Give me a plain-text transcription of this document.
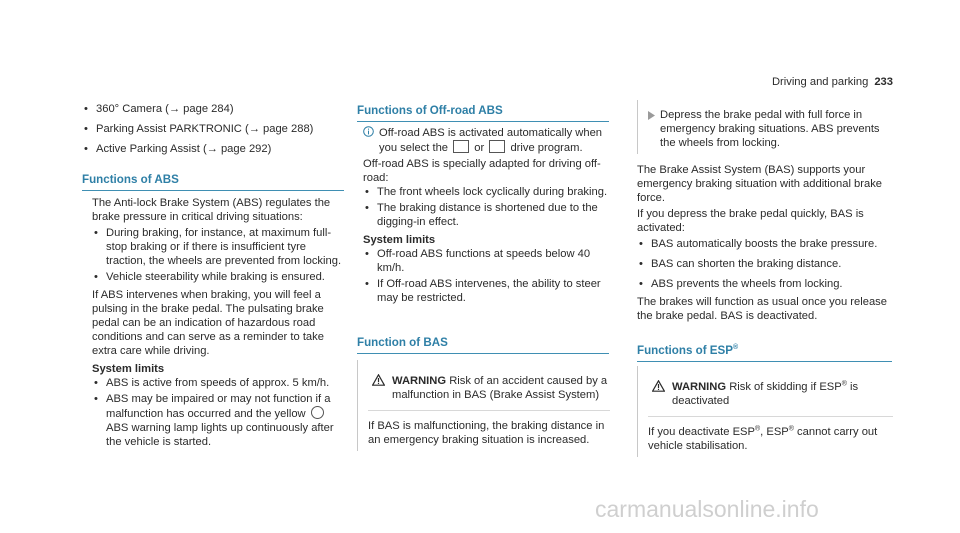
Driving and parking 233
• 360° Camera (→ page 284)
• Parking Assist PARKTRONIC (→ page 288)
• Active Parking Assist (→ page 292)
Functions of ABS

The Anti-lock Brake System (ABS) regulates the brake pressure in critical driving situations:

• During braking, for instance, at maximum full-stop braking or if there is insufficient tyre traction, the wheels are prevented from locking.
• Vehicle steerability while braking is ensured.

If ABS intervenes when braking, you will feel a pulsing in the brake pedal. The pulsating brake pedal can be an indication of hazardous road conditions and can serve as a reminder to take extra care while driving.

System limits

• ABS is active from speeds of approx. 5 km/h.
• ABS may be impaired or may not function if a malfunction has occurred and the yellow  ABS warning lamp lights up continuously after the vehicle is started.
Functions of Off-road ABS
Off-road ABS is activated automatically when you select the or drive program.

Off-road ABS is specially adapted for driving off-road:

• The front wheels lock cyclically during braking.
• The braking distance is shortened due to the digging-in effect.

System limits

• Off-road ABS functions at speeds below 40 km/h.
• If Off-road ABS intervenes, the ability to steer may be restricted.
Function of BAS
WARNING Risk of an accident caused by a malfunction in BAS (Brake Assist System)
If BAS is malfunctioning, the braking distance in an emergency braking situation is increased.
Depress the brake pedal with full force in emergency braking situations. ABS prevents the wheels from locking.

The Brake Assist System (BAS) supports your emergency braking situation with additional brake force.

If you depress the brake pedal quickly, BAS is activated:

• BAS automatically boosts the brake pressure.
• BAS can shorten the braking distance.
• ABS prevents the wheels from locking.

The brakes will function as usual once you release the brake pedal. BAS is deactivated.

Functions of ESP®
WARNING Risk of skidding if ESP® is deactivated
If you deactivate ESP®, ESP® cannot carry out vehicle stabilisation.
carmanualsonline.info
